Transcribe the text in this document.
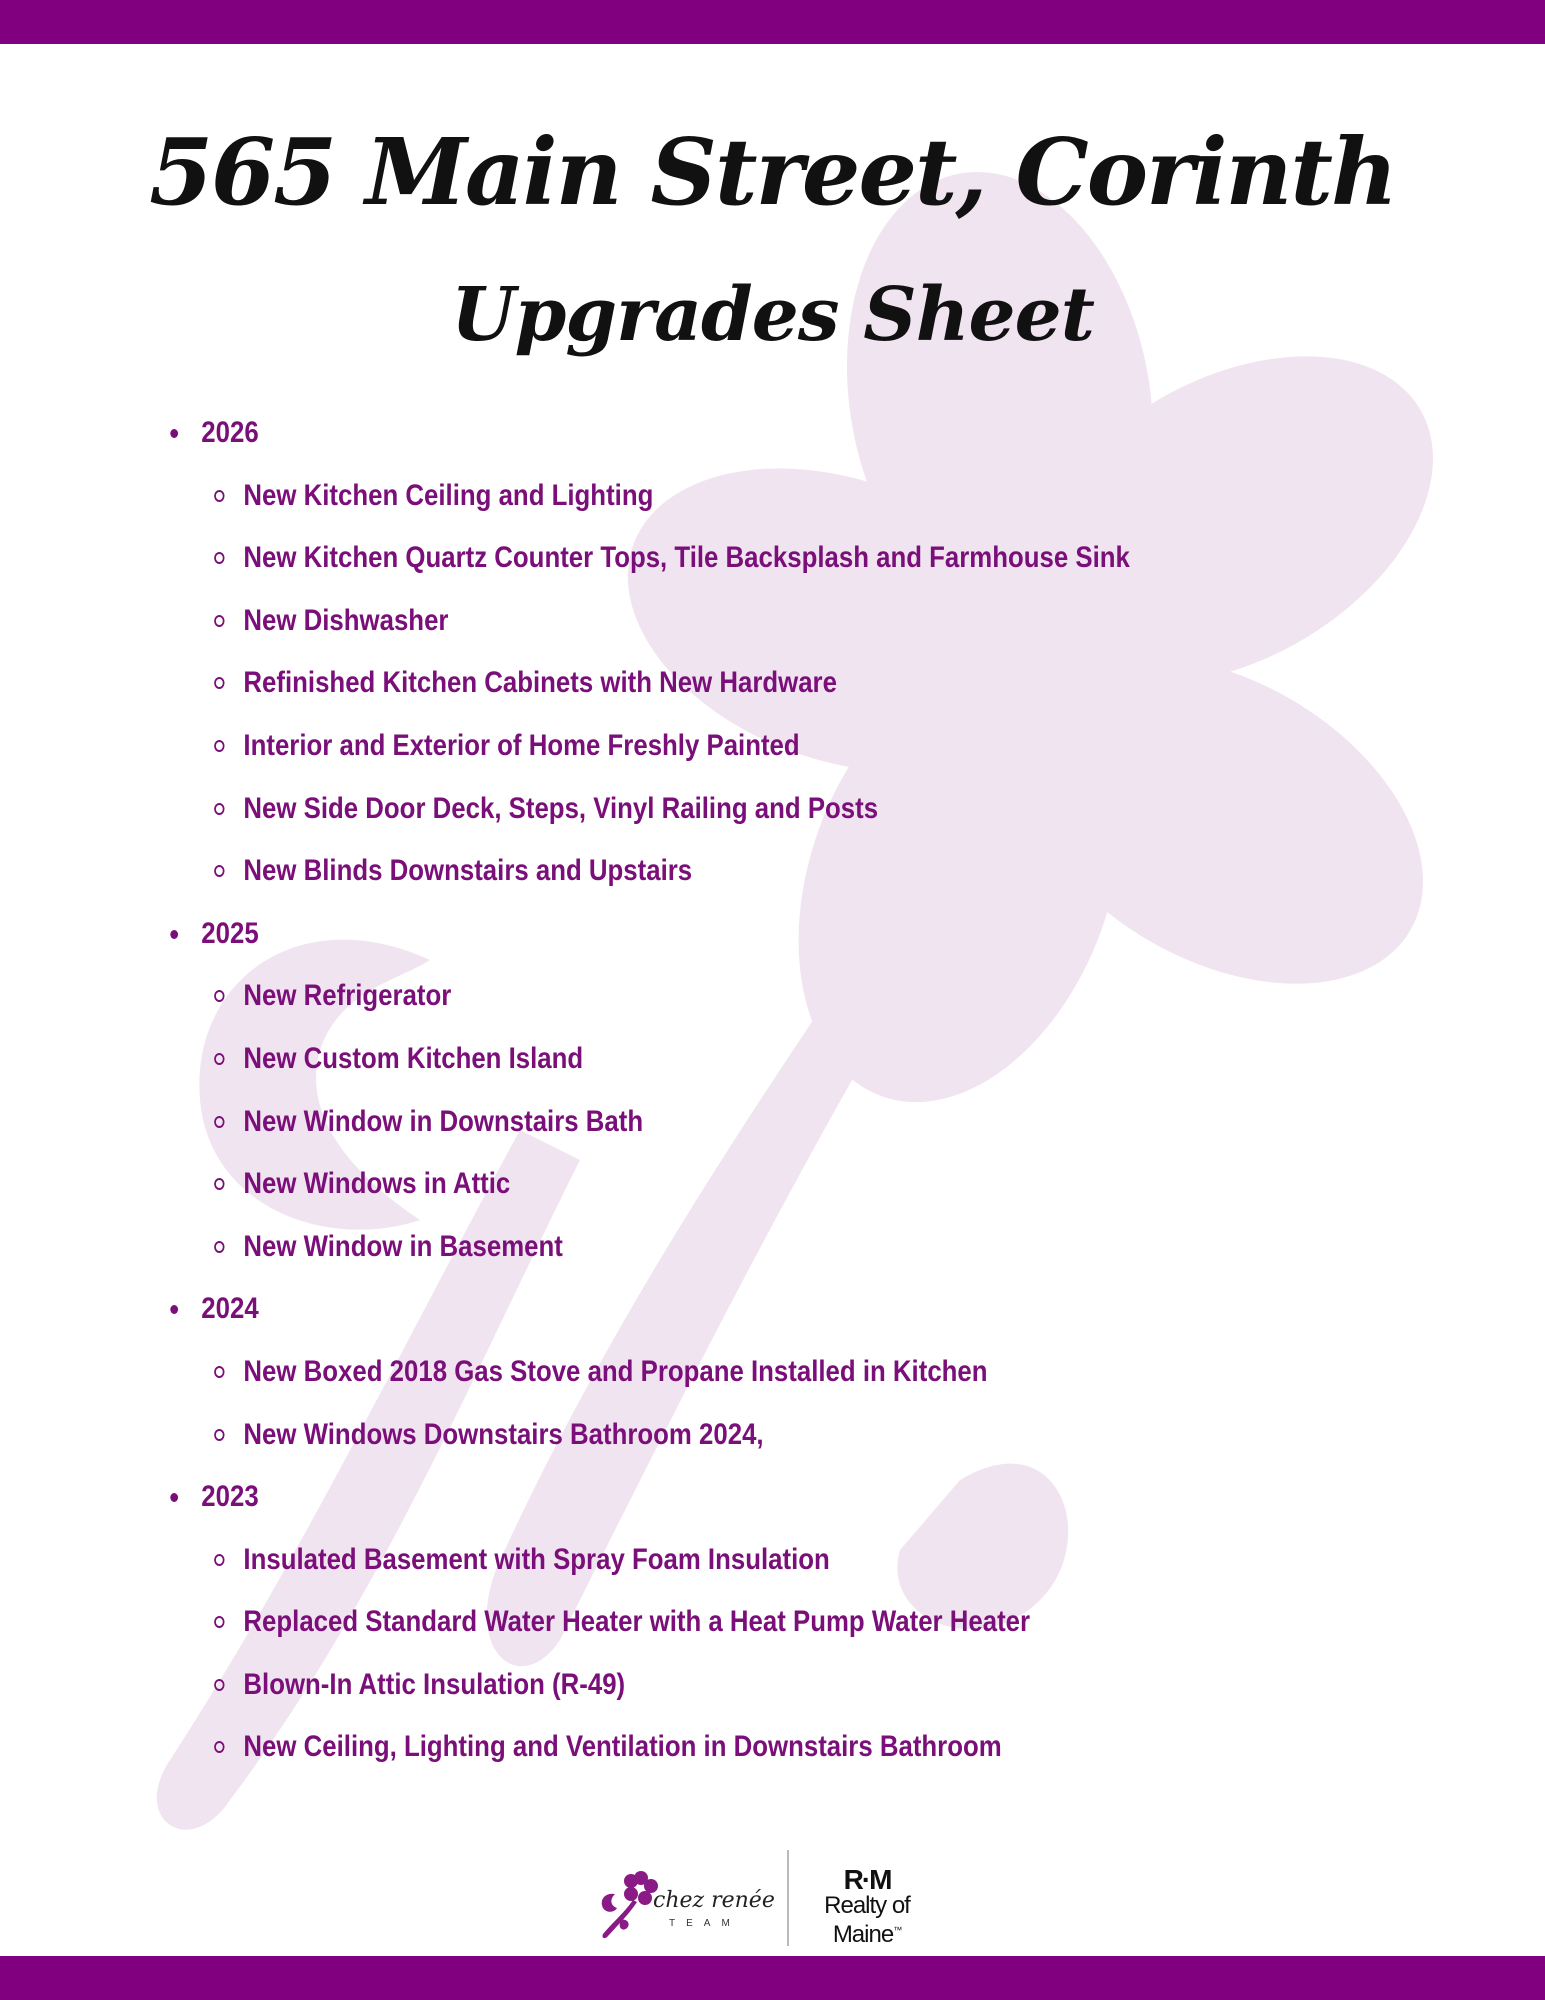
565 Main Street, Corinth
Upgrades Sheet
2026
New Kitchen Ceiling and Lighting
New Kitchen Quartz Counter Tops, Tile Backsplash and Farmhouse Sink
New Dishwasher
Refinished Kitchen Cabinets with New Hardware
Interior and Exterior of Home Freshly Painted
New Side Door Deck, Steps, Vinyl Railing and Posts
New Blinds Downstairs and Upstairs
2025
New Refrigerator
New Custom Kitchen Island
New Window in Downstairs Bath
New Windows in Attic
New Window in Basement
2024
New Boxed 2018 Gas Stove and Propane Installed in Kitchen
New Windows Downstairs Bathroom 2024,
2023
Insulated Basement with Spray Foam Insulation
Replaced Standard Water Heater with a Heat Pump Water Heater
Blown-In Attic Insulation (R-49)
New Ceiling, Lighting and Ventilation in Downstairs Bathroom
chez renée
TEAM
R·M
Realty of
Maine™
